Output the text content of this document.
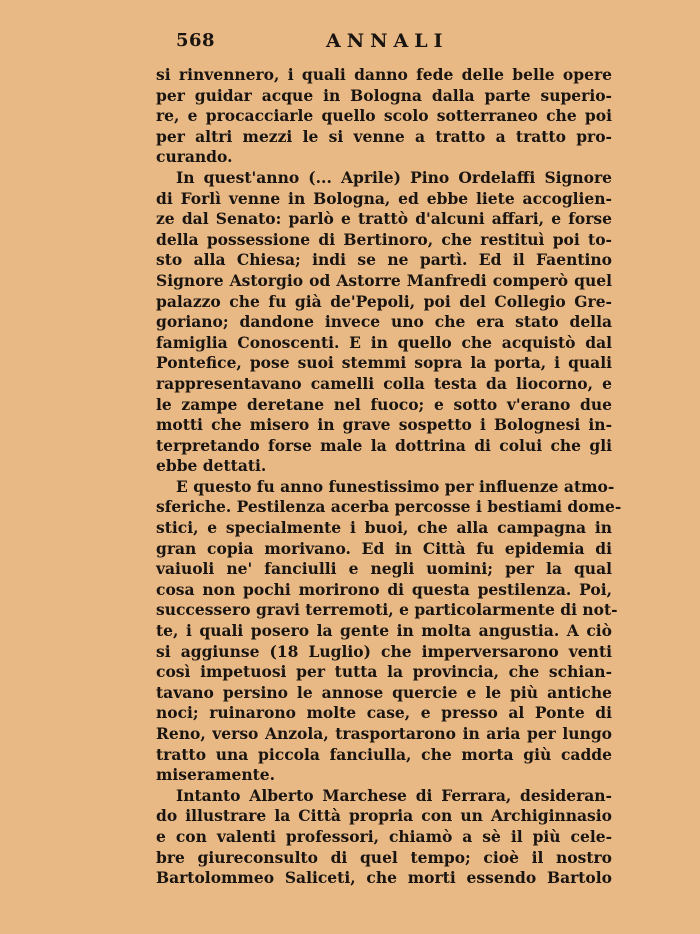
568	ANNALI
si rinvennero, i quali danno fede delle belle opere
per guidar acque in Bologna dalla parte superio-
re, e procacciarle quello scolo sotterraneo che poi
per altri mezzi le si venne a tratto a tratto pro-
curando.
In quest'anno (... Aprile) Pino Ordelaffi Signore
di Forlì venne in Bologna, ed ebbe liete accoglien-
ze dal Senato: parlò e trattò d'alcuni affari, e forse
della possessione di Bertinoro, che restituì poi to-
sto alla Chiesa; indi se ne partì. Ed il Faentino
Signore Astorgio od Astorre Manfredi comperò quel
palazzo che fu già de'Pepoli, poi del Collegio Gre-
goriano; dandone invece uno che era stato della
famiglia Conoscenti. E in quello che acquistò dal
Pontefice, pose suoi stemmi sopra la porta, i quali
rappresentavano camelli colla testa da liocorno, e
le zampe deretane nel fuoco; e sotto v'erano due
motti che misero in grave sospetto i Bolognesi in-
terpretando forse male la dottrina di colui che gli
ebbe dettati.
E questo fu anno funestissimo per influenze atmo-
sferiche. Pestilenza acerba percosse i bestiami dome-
stici, e specialmente i buoi, che alla campagna in
gran copia morivano. Ed in Città fu epidemia di
vaiuoli ne' fanciulli e negli uomini; per la qual
cosa non pochi morirono di questa pestilenza. Poi,
successero gravi terremoti, e particolarmente di not-
te, i quali posero la gente in molta angustia. A ciò
si aggiunse (18 Luglio) che imperversarono venti
così impetuosi per tutta la provincia, che schian-
tavano persino le annose quercie e le più antiche
noci; ruinarono molte case, e presso al Ponte di
Reno, verso Anzola, trasportarono in aria per lungo
tratto una piccola fanciulla, che morta giù cadde
miseramente.
Intanto Alberto Marchese di Ferrara, desideran-
do illustrare la Città propria con un Archiginnasio
e con valenti professori, chiamò a sè il più cele-
bre giureconsulto di quel tempo; cioè il nostro
Bartolommeo Saliceti, che morti essendo Bartolo
